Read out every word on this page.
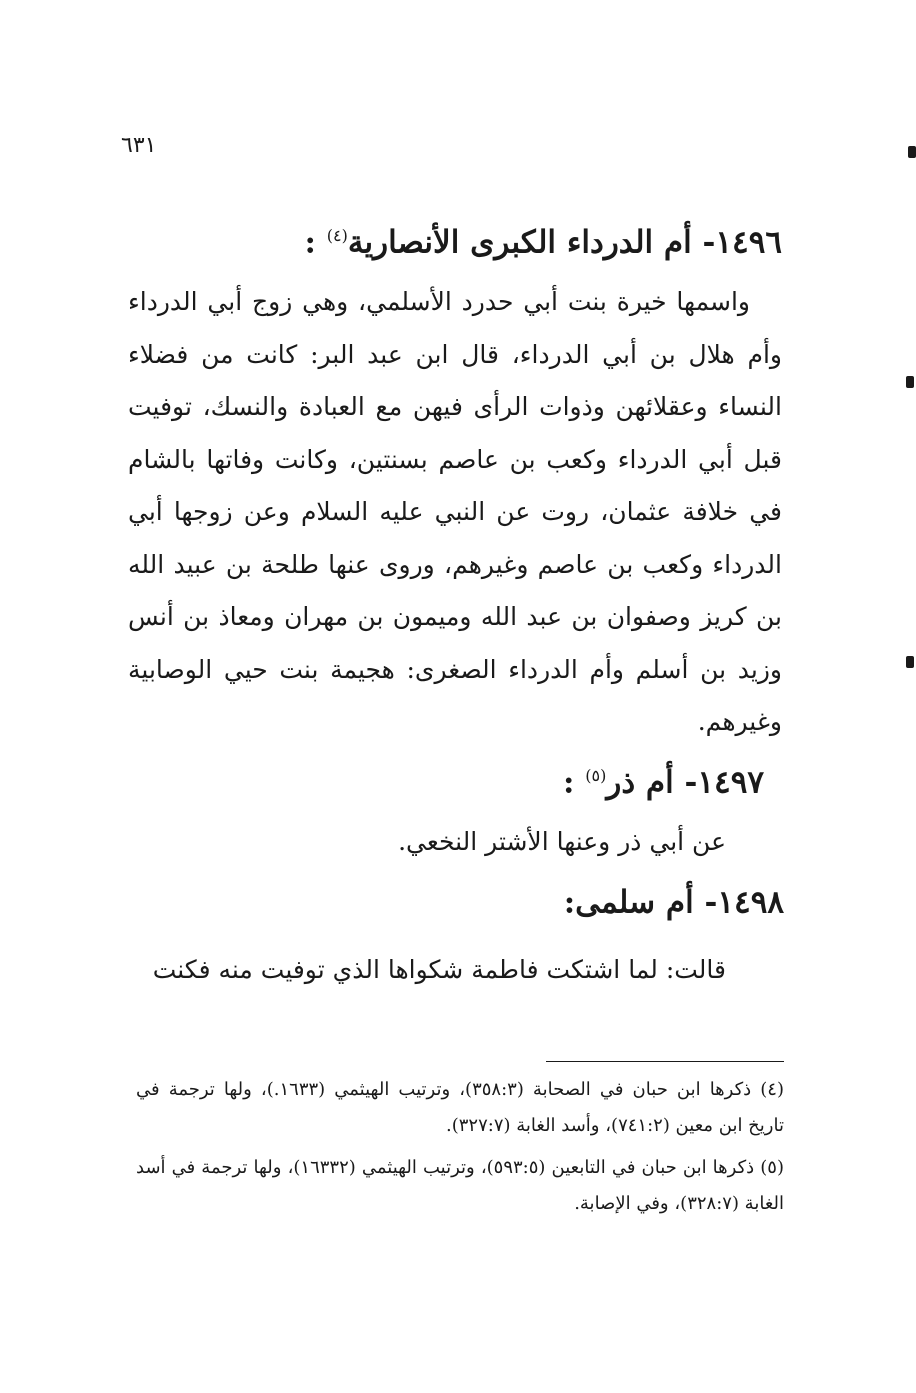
٦٣١
١٤٩٦- أم الدرداء الكبرى الأنصارية$^{(٤)}$ :

واسمها خيرة بنت أبي حدرد الأسلمي، وهي زوج أبي الدرداء وأم هلال بن أبي الدرداء، قال ابن عبد البر: كانت من فضلاء النساء وعقلائهن وذوات الرأى فيهن مع العبادة والنسك، توفيت قبل أبي الدرداء وكعب بن عاصم بسنتين، وكانت وفاتها بالشام في خلافة عثمان، روت عن النبي عليه السلام وعن زوجها أبي الدرداء وكعب بن عاصم وغيرهم، وروى عنها طلحة بن عبيد الله بن كريز وصفوان بن عبد الله وميمون بن مهران ومعاذ بن أنس وزيد بن أسلم وأم الدرداء الصغرى: هجيمة بنت حيي الوصابية وغيرهم.

١٤٩٧- أم ذر$^{(٥)}$ :

عن أبي ذر وعنها الأشتر النخعي.

١٤٩٨- أم سلمى:

قالت: لما اشتكت فاطمة شكواها الذي توفيت منه فكنت

(٤) ذكرها ابن حبان في الصحابة (٣٥٨:٣)، وترتيب الهيثمي (١٦٣٣.)، ولها ترجمة في تاريخ ابن معين (٧٤١:٢)، وأسد الغابة (٣٢٧:٧).

(٥) ذكرها ابن حبان في التابعين (٥٩٣:٥)، وترتيب الهيثمي (١٦٣٣٢)، ولها ترجمة في أسد الغابة (٣٢٨:٧)، وفي الإصابة.
